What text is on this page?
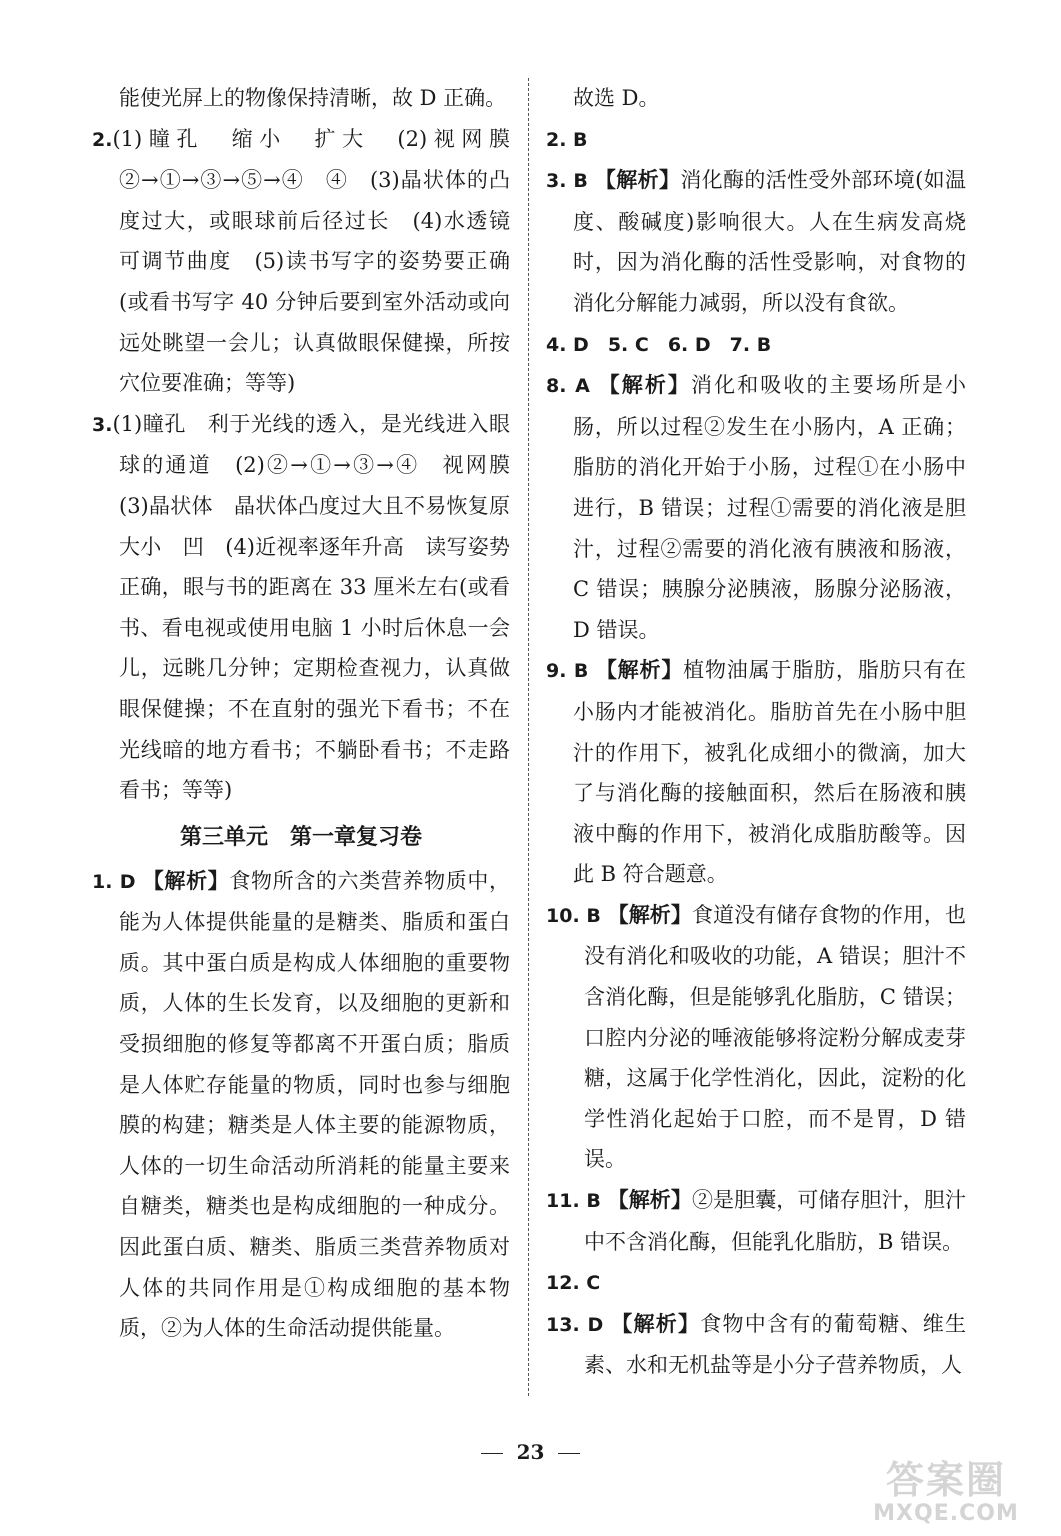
能使光屏上的物像保持清晰，故 D 正确。

2.(1)瞳孔　缩小　扩大　(2)视网膜 ②→①→③→⑤→④　④　(3)晶状体的凸度过大，或眼球前后径过长　(4)水透镜　可调节曲度　(5)读书写字的姿势要正确(或看书写字 40 分钟后要到室外活动或向远处眺望一会儿；认真做眼保健操，所按穴位要准确；等等)

3.(1)瞳孔　利于光线的透入，是光线进入眼球的通道　(2)②→①→③→④　视网膜　(3)晶状体　晶状体凸度过大且不易恢复原大小　凹　(4)近视率逐年升高　读写姿势正确，眼与书的距离在 33 厘米左右(或看书、看电视或使用电脑 1 小时后休息一会儿，远眺几分钟；定期检查视力，认真做眼保健操；不在直射的强光下看书；不在光线暗的地方看书；不躺卧看书；不走路看书；等等)

第三单元　第一章复习卷

1. D 【解析】食物所含的六类营养物质中，能为人体提供能量的是糖类、脂质和蛋白质。其中蛋白质是构成人体细胞的重要物质，人体的生长发育，以及细胞的更新和受损细胞的修复等都离不开蛋白质；脂质是人体贮存能量的物质，同时也参与细胞膜的构建；糖类是人体主要的能源物质，人体的一切生命活动所消耗的能量主要来自糖类，糖类也是构成细胞的一种成分。因此蛋白质、糖类、脂质三类营养物质对人体的共同作用是①构成细胞的基本物质，②为人体的生命活动提供能量。

故选 D。

2. B

3. B 【解析】消化酶的活性受外部环境(如温度、酸碱度)影响很大。人在生病发高烧时，因为消化酶的活性受影响，对食物的消化分解能力减弱，所以没有食欲。

4. D　5. C　6. D　7. B

8. A 【解析】消化和吸收的主要场所是小肠，所以过程②发生在小肠内，A 正确；脂肪的消化开始于小肠，过程①在小肠中进行，B 错误；过程①需要的消化液是胆汁，过程②需要的消化液有胰液和肠液，C 错误；胰腺分泌胰液，肠腺分泌肠液，D 错误。

9. B 【解析】植物油属于脂肪，脂肪只有在小肠内才能被消化。脂肪首先在小肠中胆汁的作用下，被乳化成细小的微滴，加大了与消化酶的接触面积，然后在肠液和胰液中酶的作用下，被消化成脂肪酸等。因此 B 符合题意。

10. B 【解析】食道没有储存食物的作用，也没有消化和吸收的功能，A 错误；胆汁不含消化酶，但是能够乳化脂肪，C 错误；口腔内分泌的唾液能够将淀粉分解成麦芽糖，这属于化学性消化，因此，淀粉的化学性消化起始于口腔，而不是胃，D 错误。

11. B 【解析】②是胆囊，可储存胆汁，胆汁中不含消化酶，但能乳化脂肪，B 错误。

12. C

13. D 【解析】食物中含有的葡萄糖、维生素、水和无机盐等是小分子营养物质，人

23
答案圈
MXQE.COM
